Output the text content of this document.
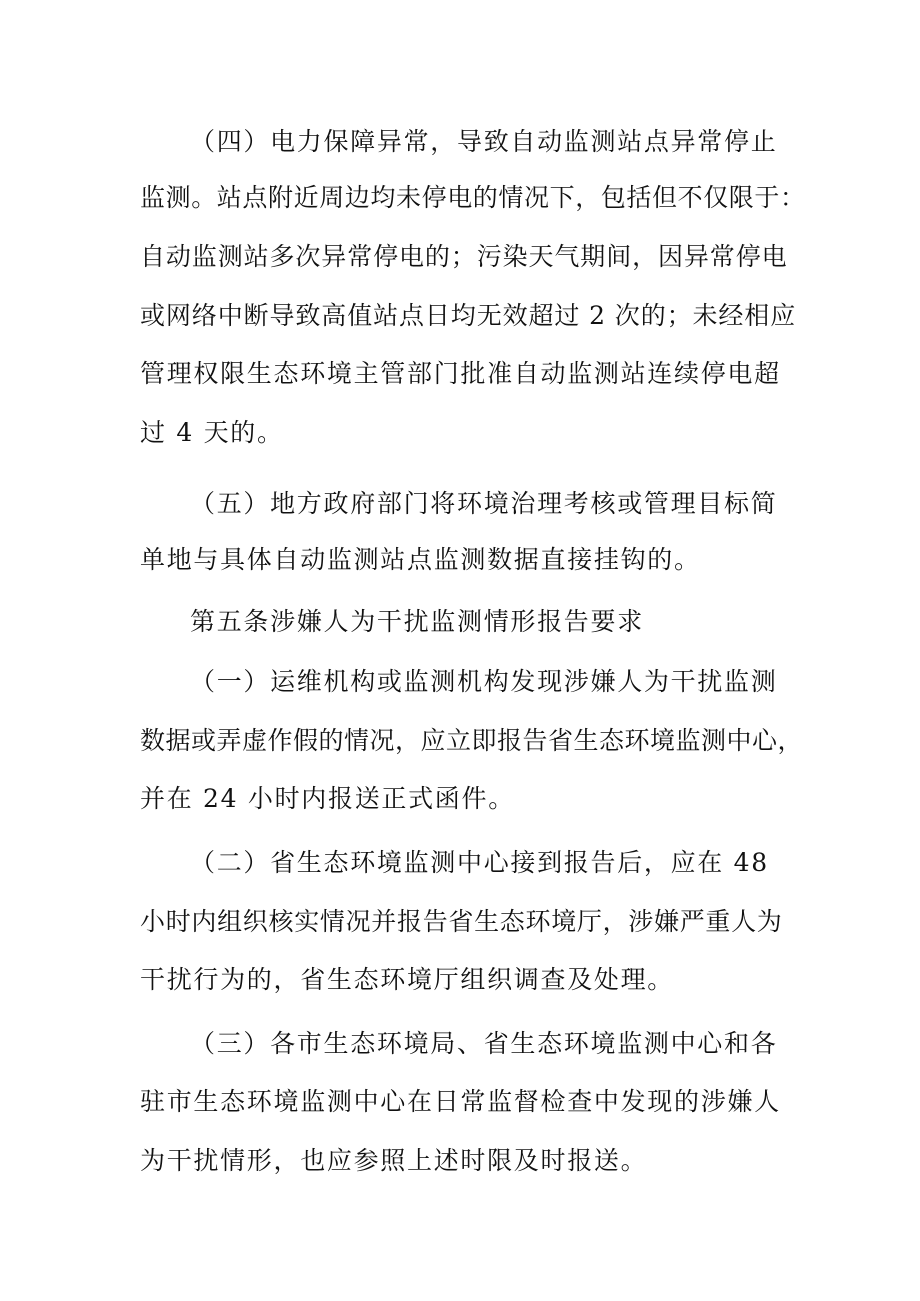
（四）电力保障异常，导致自动监测站点异常停止

监测。站点附近周边均未停电的情况下，包括但不仅限于：

自动监测站多次异常停电的；污染天气期间，因异常停电

或网络中断导致高值站点日均无效超过 2 次的；未经相应

管理权限生态环境主管部门批准自动监测站连续停电超

过 4 天的。

（五）地方政府部门将环境治理考核或管理目标简

单地与具体自动监测站点监测数据直接挂钩的。

第五条涉嫌人为干扰监测情形报告要求

（一）运维机构或监测机构发现涉嫌人为干扰监测

数据或弄虚作假的情况，应立即报告省生态环境监测中心，

并在 24 小时内报送正式函件。

（二）省生态环境监测中心接到报告后，应在 48

小时内组织核实情况并报告省生态环境厅，涉嫌严重人为

干扰行为的，省生态环境厅组织调查及处理。

（三）各市生态环境局、省生态环境监测中心和各

驻市生态环境监测中心在日常监督检查中发现的涉嫌人

为干扰情形，也应参照上述时限及时报送。
